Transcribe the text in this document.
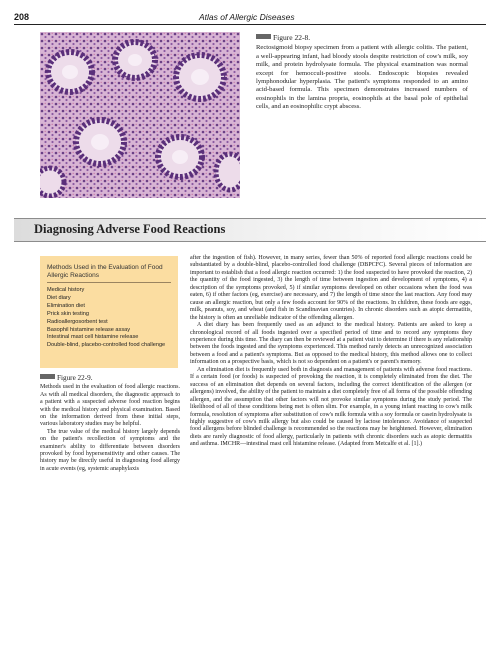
208	Atlas of Allergic Diseases
Figure 22-8.
Rectosigmoid biopsy specimen from a patient with allergic colitis. The patient, a well-appearing infant, had bloody stools despite restriction of cow's milk, soy milk, and protein hydrolysate formula. The physical examination was normal except for hemoccult-positive stools. Endoscopic biopsies revealed lymphonodular hyperplasia. The patient's symptoms responded to an amino acid-based formula. This specimen demonstrates increased numbers of eosinophils in the lamina propria, eosinophils at the basal pole of epithelial cells, and an eosinophilic crypt abscess.
Diagnosing Adverse Food Reactions
Methods Used in the Evaluation of Food Allergic Reactions
Medical history
Diet diary
Elimination diet
Prick skin testing
Radioallergosorbent test
Basophil histamine release assay
Intestinal mast cell histamine release
Double-blind, placebo-controlled food challenge
Figure 22-9.

Methods used in the evaluation of food allergic reactions. As with all medical disorders, the diagnostic approach to a patient with a suspected adverse food reaction begins with the medical history and physical examination. Based on the information derived from these initial steps, various laboratory studies may be helpful.

The true value of the medical history largely depends on the patient's recollection of symptoms and the examiner's ability to differentiate between disorders provoked by food hypersensitivity and other causes. The history may be directly useful in diagnosing food allergy in acute events (eg, systemic anaphylaxis

after the ingestion of fish). However, in many series, fewer than 50% of reported food allergic reactions could be substantiated by a double-blind, placebo-controlled food challenge (DBPCFC). Several pieces of information are important to establish that a food allergic reaction occurred: 1) the food suspected to have provoked the reaction, 2) the quantity of the food ingested, 3) the length of time between ingestion and development of symptoms, 4) a description of the symptoms provoked, 5) if similar symptoms developed on other occasions when the food was eaten, 6) if other factors (eg, exercise) are necessary, and 7) the length of time since the last reaction. Any food may cause an allergic reaction, but only a few foods account for 90% of the reactions. In children, these foods are eggs, milk, peanuts, soy, and wheat (and fish in Scandinavian countries). In chronic disorders such as atopic dermatitis, the history is often an unreliable indicator of the offending allergen.

A diet diary has been frequently used as an adjunct to the medical history. Patients are asked to keep a chronological record of all foods ingested over a specified period of time and to record any symptoms they experience during this time. The diary can then be reviewed at a patient visit to determine if there is any relationship between the foods ingested and the symptoms experienced. This method rarely detects an unrecognized association between a food and a patient's symptoms. But as opposed to the medical history, this method allows one to collect information on a prospective basis, which is not so dependent on a patient's or parent's memory.

An elimination diet is frequently used both in diagnosis and management of patients with adverse food reactions. If a certain food (or foods) is suspected of provoking the reaction, it is completely eliminated from the diet. The success of an elimination diet depends on several factors, including the correct identification of the allergen (or allergens) involved, the ability of the patient to maintain a diet completely free of all forms of the possible offending allergen, and the assumption that other factors will not provoke similar symptoms during the study period. The likelihood of all of these conditions being met is often slim. For example, in a young infant reacting to cow's milk formula, resolution of symptoms after substitution of cow's milk formula with a soy formula or casein hydrolysate is highly suggestive of cow's milk allergy but also could be caused by lactose intolerance. Avoidance of suspected food allergens before blinded challenge is recommended so the reactions may be heightened. However, elimination diets are rarely diagnostic of food allergy, particularly in patients with chronic disorders such as atopic dermatitis and asthma. IMCHR—intestinal mast cell histamine release. (Adapted from Metcalfe et al. [1].)
